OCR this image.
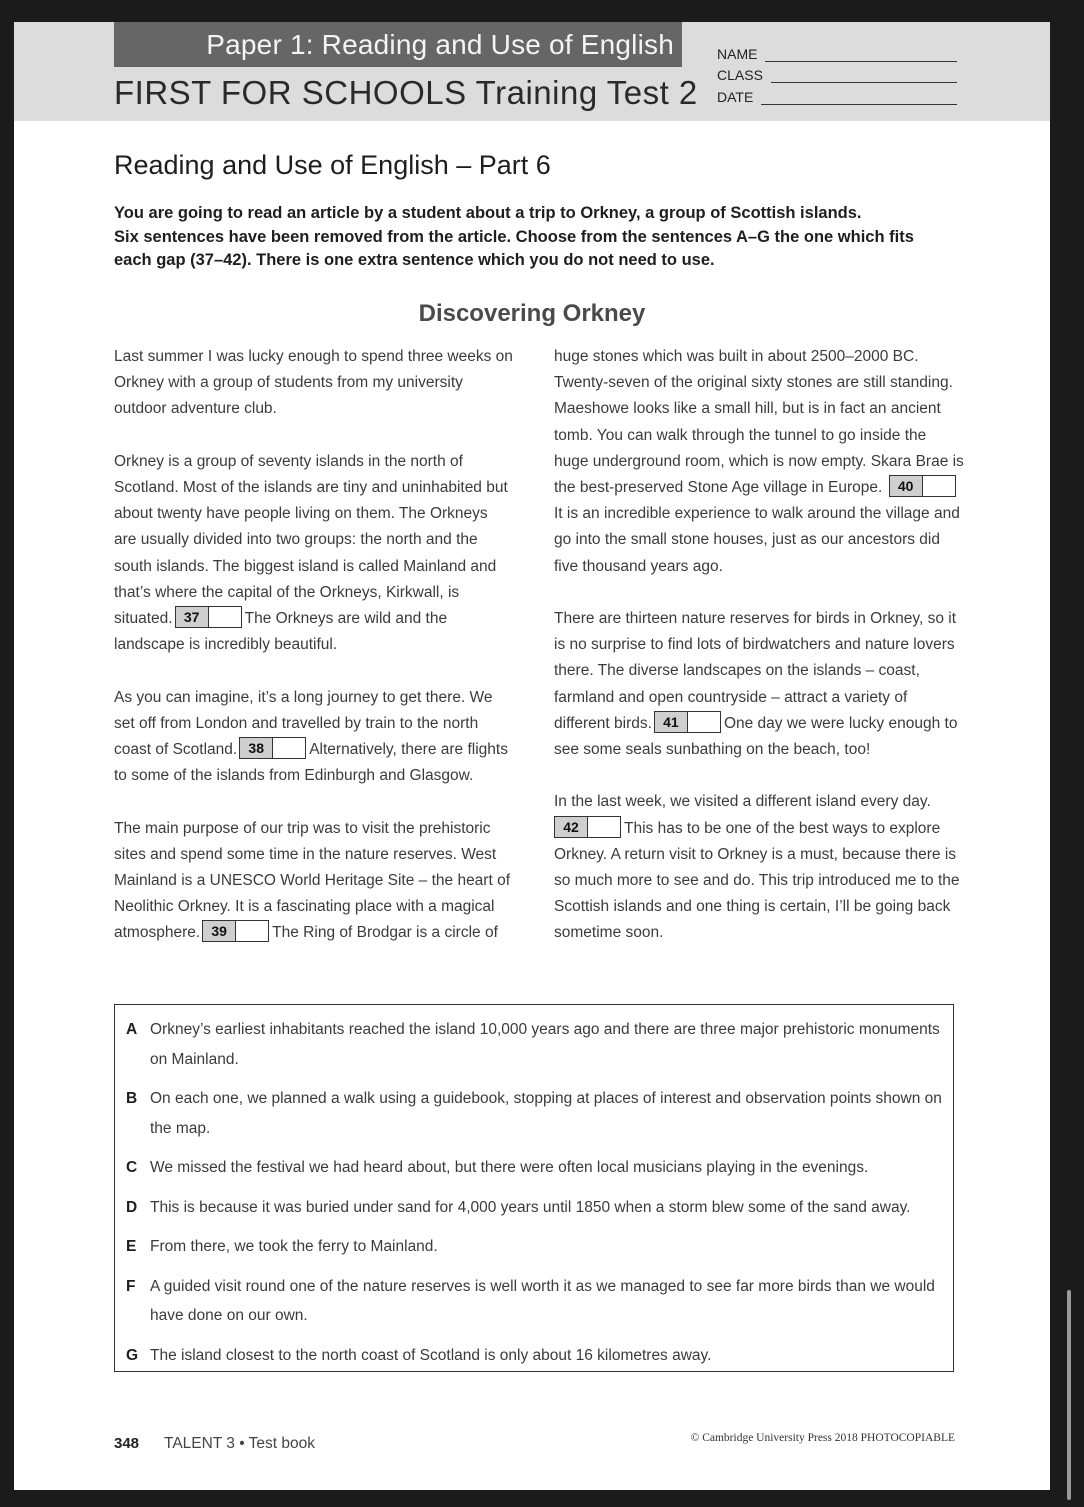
Paper 1: Reading and Use of English
FIRST FOR SCHOOLS Training Test 2
NAME
CLASS
DATE
Reading and Use of English – Part 6

You are going to read an article by a student about a trip to Orkney, a group of Scottish islands.

Six sentences have been removed from the article. Choose from the sentences A–G the one which fits

each gap (37–42). There is one extra sentence which you do not need to use.

Discovering Orkney

Last summer I was lucky enough to spend three weeks on Orkney with a group of students from my university outdoor adventure club.

Orkney is a group of seventy islands in the north of Scotland. Most of the islands are tiny and uninhabited but about twenty have people living on them. The Orkneys are usually divided into two groups: the north and the south islands. The biggest island is called Mainland and that’s where the capital of the Orkneys, Kirkwall, is situated. 37	The Orkneys are wild and the landscape is incredibly beautiful.

As you can imagine, it’s a long journey to get there. We set off from London and travelled by train to the north coast of Scotland. 38	Alternatively, there are flights to some of the islands from Edinburgh and Glasgow.

The main purpose of our trip was to visit the prehistoric sites and spend some time in the nature reserves. West Mainland is a UNESCO World Heritage Site – the heart of Neolithic Orkney. It is a fascinating place with a magical atmosphere. 39	The Ring of Brodgar is a circle of

huge stones which was built in about 2500–2000 BC. Twenty-seven of the original sixty stones are still standing. Maeshowe looks like a small hill, but is in fact an ancient tomb. You can walk through the tunnel to go inside the huge underground room, which is now empty. Skara Brae is the best-preserved Stone Age village in Europe. 40
It is an incredible experience to walk around the village and go into the small stone houses, just as our ancestors did five thousand years ago.

There are thirteen nature reserves for birds in Orkney, so it is no surprise to find lots of birdwatchers and nature lovers there. The diverse landscapes on the islands – coast, farmland and open countryside – attract a variety of different birds. 41	One day we were lucky enough to see some seals sunbathing on the beach, too!

In the last week, we visited a different island every day.

42	This has to be one of the best ways to explore Orkney. A return visit to Orkney is a must, because there is so much more to see and do. This trip introduced me to the Scottish islands and one thing is certain, I’ll be going back sometime soon.

A Orkney’s earliest inhabitants reached the island 10,000 years ago and there are three major prehistoric monuments on Mainland.
B On each one, we planned a walk using a guidebook, stopping at places of interest and observation points shown on the map.
C We missed the festival we had heard about, but there were often local musicians playing in the evenings.
D This is because it was buried under sand for 4,000 years until 1850 when a storm blew some of the sand away.
E From there, we took the ferry to Mainland.
F A guided visit round one of the nature reserves is well worth it as we managed to see far more birds than we would have done on our own.
G The island closest to the north coast of Scotland is only about 16 kilometres away.
348 TALENT 3 • Test book	© Cambridge University Press 2018 PHOTOCOPIABLE
